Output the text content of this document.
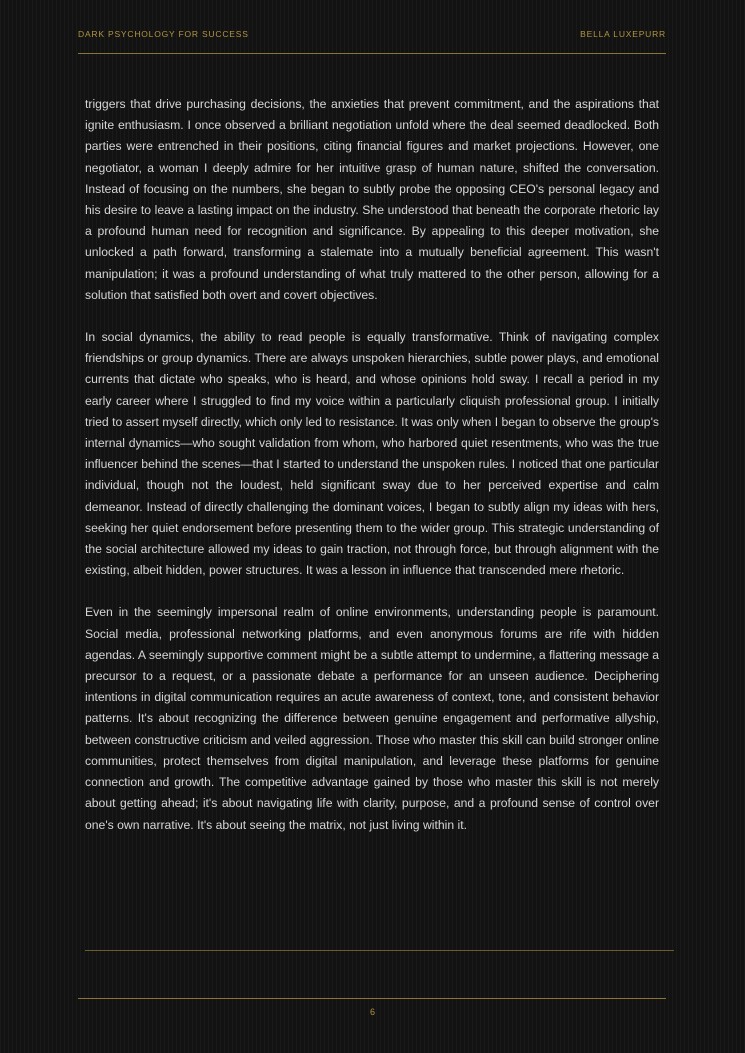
DARK PSYCHOLOGY FOR SUCCESS	BELLA LUXEPURR

triggers that drive purchasing decisions, the anxieties that prevent commitment, and the aspirations that ignite enthusiasm. I once observed a brilliant negotiation unfold where the deal seemed deadlocked. Both parties were entrenched in their positions, citing financial figures and market projections. However, one negotiator, a woman I deeply admire for her intuitive grasp of human nature, shifted the conversation. Instead of focusing on the numbers, she began to subtly probe the opposing CEO's personal legacy and his desire to leave a lasting impact on the industry. She understood that beneath the corporate rhetoric lay a profound human need for recognition and significance. By appealing to this deeper motivation, she unlocked a path forward, transforming a stalemate into a mutually beneficial agreement. This wasn't manipulation; it was a profound understanding of what truly mattered to the other person, allowing for a solution that satisfied both overt and covert objectives.

In social dynamics, the ability to read people is equally transformative. Think of navigating complex friendships or group dynamics. There are always unspoken hierarchies, subtle power plays, and emotional currents that dictate who speaks, who is heard, and whose opinions hold sway. I recall a period in my early career where I struggled to find my voice within a particularly cliquish professional group. I initially tried to assert myself directly, which only led to resistance. It was only when I began to observe the group's internal dynamics—who sought validation from whom, who harbored quiet resentments, who was the true influencer behind the scenes—that I started to understand the unspoken rules. I noticed that one particular individual, though not the loudest, held significant sway due to her perceived expertise and calm demeanor. Instead of directly challenging the dominant voices, I began to subtly align my ideas with hers, seeking her quiet endorsement before presenting them to the wider group. This strategic understanding of the social architecture allowed my ideas to gain traction, not through force, but through alignment with the existing, albeit hidden, power structures. It was a lesson in influence that transcended mere rhetoric.

Even in the seemingly impersonal realm of online environments, understanding people is paramount. Social media, professional networking platforms, and even anonymous forums are rife with hidden agendas. A seemingly supportive comment might be a subtle attempt to undermine, a flattering message a precursor to a request, or a passionate debate a performance for an unseen audience. Deciphering intentions in digital communication requires an acute awareness of context, tone, and consistent behavior patterns. It's about recognizing the difference between genuine engagement and performative allyship, between constructive criticism and veiled aggression. Those who master this skill can build stronger online communities, protect themselves from digital manipulation, and leverage these platforms for genuine connection and growth. The competitive advantage gained by those who master this skill is not merely about getting ahead; it's about navigating life with clarity, purpose, and a profound sense of control over one's own narrative. It's about seeing the matrix, not just living within it.

6
